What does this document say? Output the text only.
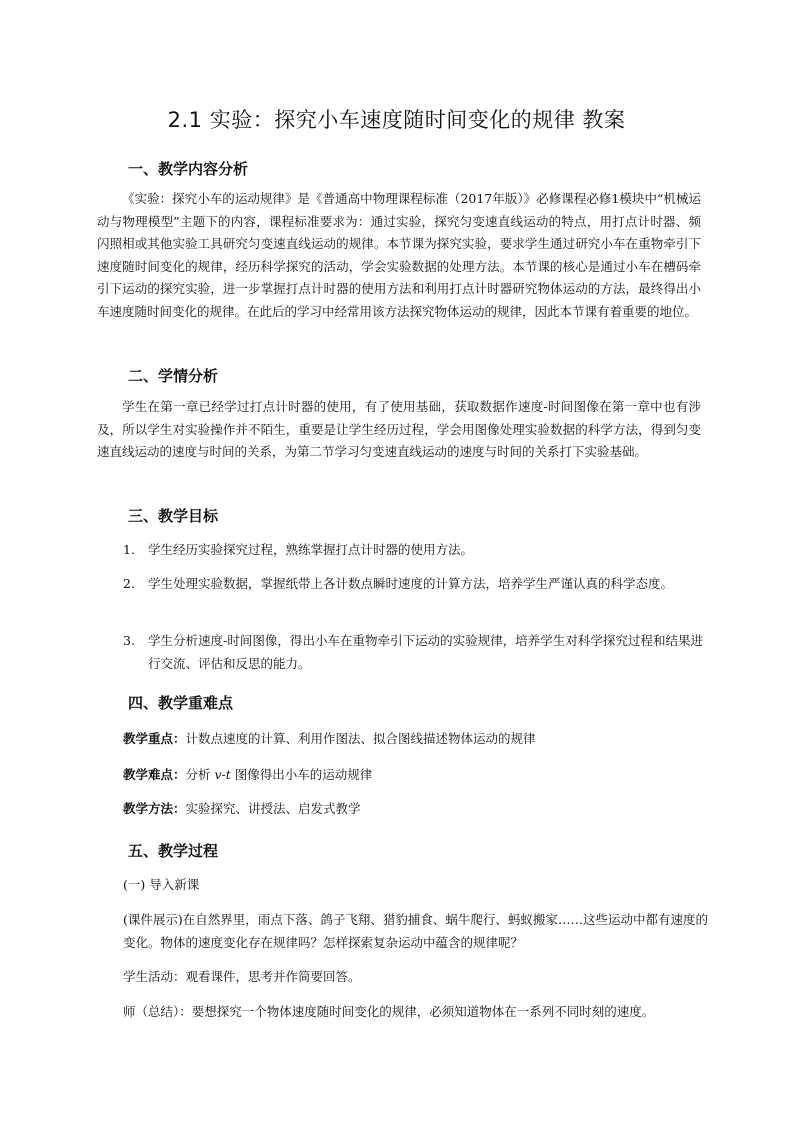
2.1 实验：探究小车速度随时间变化的规律 教案
一、教学内容分析
《实验：探究小车的运动规律》是《普通高中物理课程标准（2017年版）》必修课程必修1模块中“机械运动与物理模型”主题下的内容，课程标准要求为：通过实验，探究匀变速直线运动的特点，用打点计时器、频闪照相或其他实验工具研究匀变速直线运动的规律。本节课为探究实验，要求学生通过研究小车在重物牵引下速度随时间变化的规律，经历科学探究的活动，学会实验数据的处理方法。本节课的核心是通过小车在槽码牵引下运动的探究实验，进一步掌握打点计时器的使用方法和利用打点计时器研究物体运动的方法，最终得出小车速度随时间变化的规律。在此后的学习中经常用该方法探究物体运动的规律，因此本节课有着重要的地位。
二、学情分析
学生在第一章已经学过打点计时器的使用，有了使用基础，获取数据作速度-时间图像在第一章中也有涉及，所以学生对实验操作并不陌生，重要是让学生经历过程，学会用图像处理实验数据的科学方法，得到匀变速直线运动的速度与时间的关系，为第二节学习匀变速直线运动的速度与时间的关系打下实验基础。
三、教学目标
1.	学生经历实验探究过程，熟练掌握打点计时器的使用方法。
2.	学生处理实验数据，掌握纸带上各计数点瞬时速度的计算方法，培养学生严谨认真的科学态度。
3.	学生分析速度-时间图像，得出小车在重物牵引下运动的实验规律，培养学生对科学探究过程和结果进行交流、评估和反思的能力。
四、教学重难点
教学重点：计数点速度的计算、利用作图法、拟合图线描述物体运动的规律
教学难点：分析 v-t 图像得出小车的运动规律
教学方法：实验探究、讲授法、启发式教学
五、教学过程
(一) 导入新课
(课件展示)在自然界里，雨点下落、鸽子飞翔、猎豹捕食、蜗牛爬行、蚂蚁搬家……这些运动中都有速度的变化。物体的速度变化存在规律吗？怎样探索复杂运动中蕴含的规律呢？
学生活动：观看课件，思考并作简要回答。
师（总结）：要想探究一个物体速度随时间变化的规律，必须知道物体在一系列不同时刻的速度。
